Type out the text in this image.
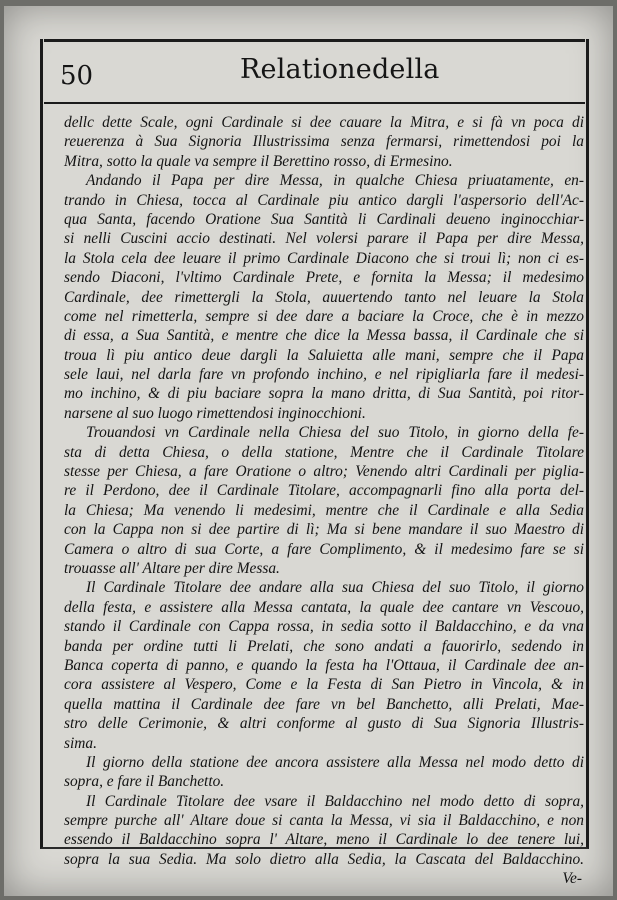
50	Relationedella
dellc dette Scale, ogni Cardinale si dee cauare la Mitra, e si fà vn poca di
reuerenza à Sua Signoria Illustrissima senza fermarsi, rimettendosi poi la
Mitra, sotto la quale va sempre il Berettino rosso, di Ermesino.
Andando il Papa per dire Messa, in qualche Chiesa priuatamente, en-
trando in Chiesa, tocca al Cardinale piu antico dargli l'aspersorio dell'Ac-
qua Santa, facendo Oratione Sua Santità li Cardinali deueno inginocchiar-
si nelli Cuscini accio destinati. Nel volersi parare il Papa per dire Messa,
la Stola cela dee leuare il primo Cardinale Diacono che si troui lì; non ci es-
sendo Diaconi, l'vltimo Cardinale Prete, e fornita la Messa; il medesimo
Cardinale, dee rimettergli la Stola, auuertendo tanto nel leuare la Stola
come nel rimetterla, sempre si dee dare a baciare la Croce, che è in mezzo
di essa, a Sua Santità, e mentre che dice la Messa bassa, il Cardinale che si
troua lì piu antico deue dargli la Saluietta alle mani, sempre che il Papa
sele laui, nel darla fare vn profondo inchino, e nel ripigliarla fare il medesi-
mo inchino, & di piu baciare sopra la mano dritta, di Sua Santità, poi ritor-
narsene al suo luogo rimettendosi inginocchioni.
Trouandosi vn Cardinale nella Chiesa del suo Titolo, in giorno della fe-
sta di detta Chiesa, o della statione, Mentre che il Cardinale Titolare
stesse per Chiesa, a fare Oratione o altro; Venendo altri Cardinali per piglia-
re il Perdono, dee il Cardinale Titolare, accompagnarli fino alla porta del-
la Chiesa; Ma venendo li medesimi, mentre che il Cardinale e alla Sedia
con la Cappa non si dee partire di lì; Ma si bene mandare il suo Maestro di
Camera o altro di sua Corte, a fare Complimento, & il medesimo fare se si
trouasse all' Altare per dire Messa.
Il Cardinale Titolare dee andare alla sua Chiesa del suo Titolo, il giorno
della festa, e assistere alla Messa cantata, la quale dee cantare vn Vescouo,
stando il Cardinale con Cappa rossa, in sedia sotto il Baldacchino, e da vna
banda per ordine tutti li Prelati, che sono andati a fauorirlo, sedendo in
Banca coperta di panno, e quando la festa ha l'Ottaua, il Cardinale dee an-
cora assistere al Vespero, Come e la Festa di San Pietro in Vincola, & in
quella mattina il Cardinale dee fare vn bel Banchetto, alli Prelati, Mae-
stro delle Cerimonie, & altri conforme al gusto di Sua Signoria Illustris-
sima.
Il giorno della statione dee ancora assistere alla Messa nel modo detto di
sopra, e fare il Banchetto.
Il Cardinale Titolare dee vsare il Baldacchino nel modo detto di sopra,
sempre purche all' Altare doue si canta la Messa, vi sia il Baldacchino, e non
essendo il Baldacchino sopra l' Altare, meno il Cardinale lo dee tenere lui,
sopra la sua Sedia. Ma solo dietro alla Sedia, la Cascata del Baldacchino.
Ve-
